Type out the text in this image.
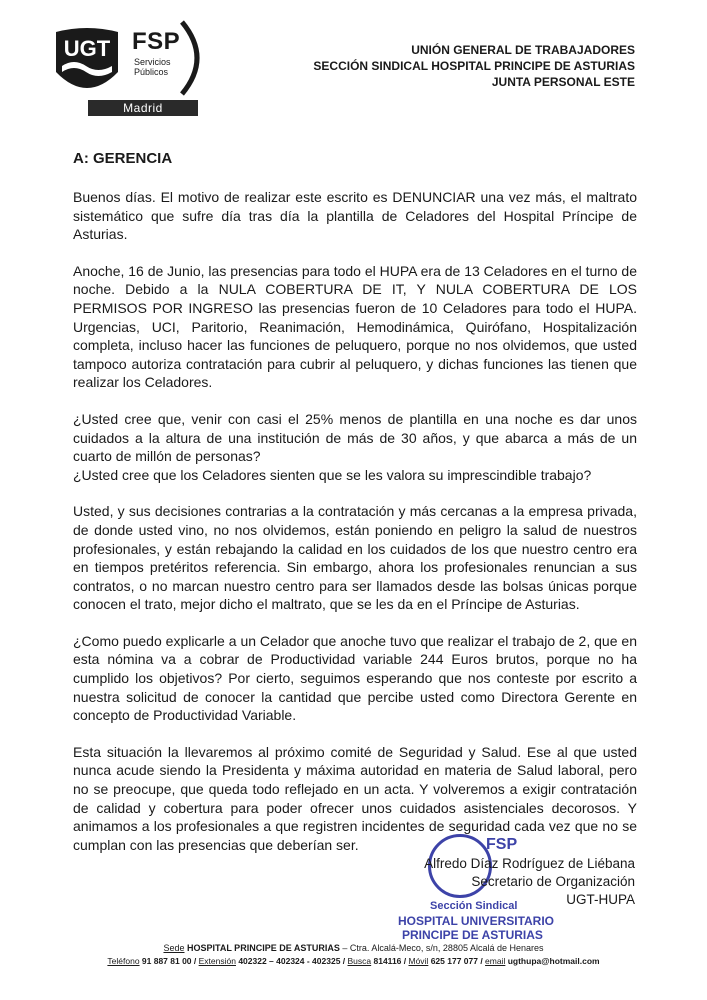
UGT FSP
Servicios
Públicos
Madrid
UNIÓN GENERAL DE TRABAJADORES
SECCIÓN SINDICAL HOSPITAL PRINCIPE DE ASTURIAS
JUNTA PERSONAL ESTE
A: GERENCIA

Buenos días. El motivo de realizar este escrito es DENUNCIAR una vez más, el maltrato sistemático que sufre día tras día la plantilla de Celadores del Hospital Príncipe de Asturias.

Anoche, 16 de Junio, las presencias para todo el HUPA era de 13 Celadores en el turno de noche. Debido a la NULA COBERTURA DE IT, Y NULA COBERTURA DE LOS PERMISOS POR INGRESO las presencias fueron de 10 Celadores para todo el HUPA. Urgencias, UCI, Paritorio, Reanimación, Hemodinámica, Quirófano, Hospitalización completa, incluso hacer las funciones de peluquero, porque no nos olvidemos, que usted tampoco autoriza contratación para cubrir al peluquero, y dichas funciones las tienen que realizar los Celadores.

¿Usted cree que, venir con casi el 25% menos de plantilla en una noche es dar unos cuidados a la altura de una institución de más de 30 años, y que abarca a más de un cuarto de millón de personas?

¿Usted cree que los Celadores sienten que se les valora su imprescindible trabajo?

Usted, y sus decisiones contrarias a la contratación y más cercanas a la empresa privada, de donde usted vino, no nos olvidemos, están poniendo en peligro la salud de nuestros profesionales, y están rebajando la calidad en los cuidados de los que nuestro centro era en tiempos pretéritos referencia. Sin embargo, ahora los profesionales renuncian a sus contratos, o no marcan nuestro centro para ser llamados desde las bolsas únicas porque conocen el trato, mejor dicho el maltrato, que se les da en el Príncipe de Asturias.

¿Como puedo explicarle a un Celador que anoche tuvo que realizar el trabajo de 2, que en esta nómina va a cobrar de Productividad variable 244 Euros brutos, porque no ha cumplido los objetivos? Por cierto, seguimos esperando que nos conteste por escrito a nuestra solicitud de conocer la cantidad que percibe usted como Directora Gerente en concepto de Productividad Variable.

Esta situación la llevaremos al próximo comité de Seguridad y Salud. Ese al que usted nunca acude siendo la Presidenta y máxima autoridad en materia de Salud laboral, pero no se preocupe, que queda todo reflejado en un acta. Y volveremos a exigir contratación de calidad y cobertura para poder ofrecer unos cuidados asistenciales decorosos. Y animamos a los profesionales a que registren incidentes de seguridad cada vez que no se cumplan con las presencias que deberían ser.	FSP
Sección Sindical
HOSPITAL UNIVERSITARIO
PRINCIPE DE ASTURIAS
Alfredo Díaz Rodríguez de Liébana
Secretario de Organización
UGT-HUPA
Sede HOSPITAL PRINCIPE DE ASTURIAS – Ctra. Alcalá-Meco, s/n, 28805 Alcalá de Henares
Teléfono 91 887 81 00 / Extensión 402322 – 402324 - 402325 / Busca 814116 / Móvil 625 177 077 / email ugthupa@hotmail.com
